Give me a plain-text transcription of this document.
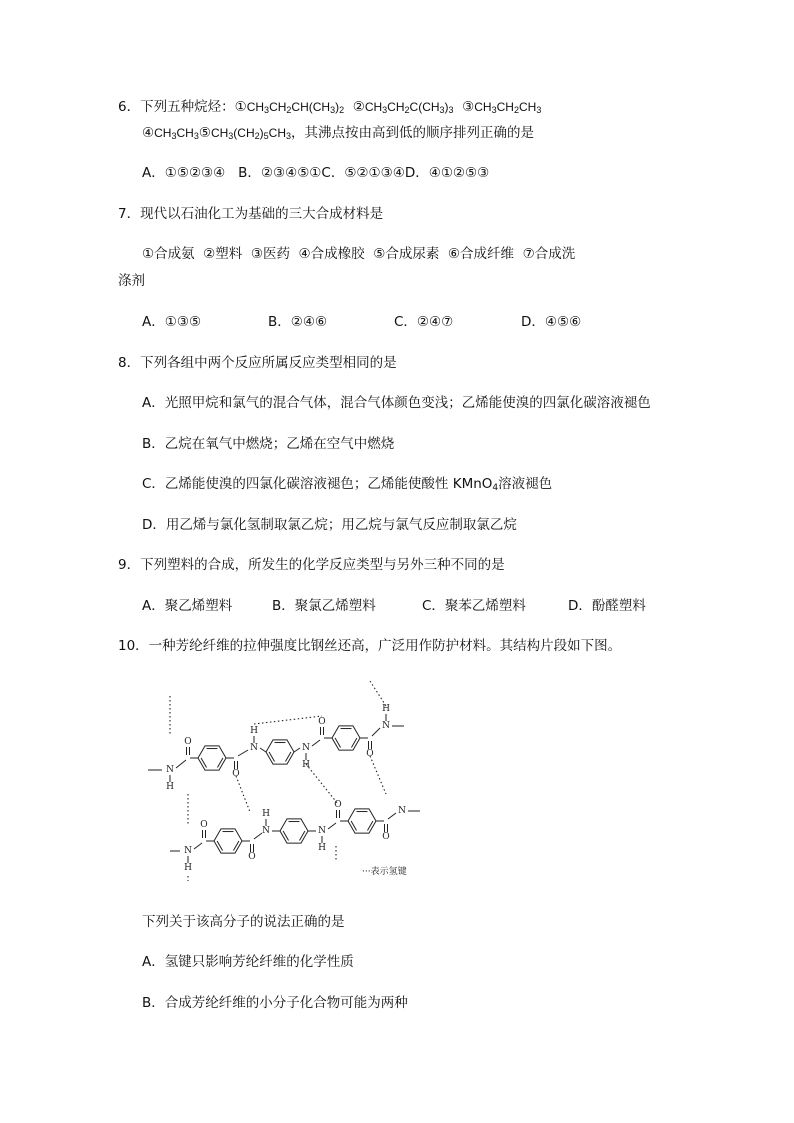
6．下列五种烷烃：$①CH_3CH_2CH(CH_3)_2$  $②CH_3CH_2C(CH_3)_3$  $③CH_3CH_2CH_3$
$④CH_3CH_3⑤CH_3(CH_2)_5CH_3$，其沸点按由高到低的顺序排列正确的是
A．①⑤②③④   B．②③④⑤①C．⑤②①③④D．④①②⑤③
7．现代以石油化工为基础的三大合成材料是
①合成氨  ②塑料  ③医药  ④合成橡胶  ⑤合成尿素  ⑥合成纤维  ⑦合成洗
涤剂
A．①③⑤	B．②④⑥	C．②④⑦	D．④⑤⑥
8．下列各组中两个反应所属反应类型相同的是
A．光照甲烷和氯气的混合气体，混合气体颜色变浅；乙烯能使溴的四氯化碳溶液褪色
B．乙烷在氧气中燃烧；乙烯在空气中燃烧
C．乙烯能使溴的四氯化碳溶液褪色；乙烯能使酸性 KMnO$_4$溶液褪色
D．用乙烯与氯化氢制取氯乙烷；用乙烷与氯气反应制取氯乙烷
9．下列塑料的合成，所发生的化学反应类型与另外三种不同的是
A．聚乙烯塑料	B．聚氯乙烯塑料	C．聚苯乙烯塑料	D．酚醛塑料
10．一种芳纶纤维的拉伸强度比钢丝还高，广泛用作防护材料。其结构片段如下图。
N
H
O
O
N
H
N
H
O
O
N
H
N
H
O
O
N
H
N
H
O
O
N
···表示氢键
下列关于该高分子的说法正确的是
A．氢键只影响芳纶纤维的化学性质
B．合成芳纶纤维的小分子化合物可能为两种
